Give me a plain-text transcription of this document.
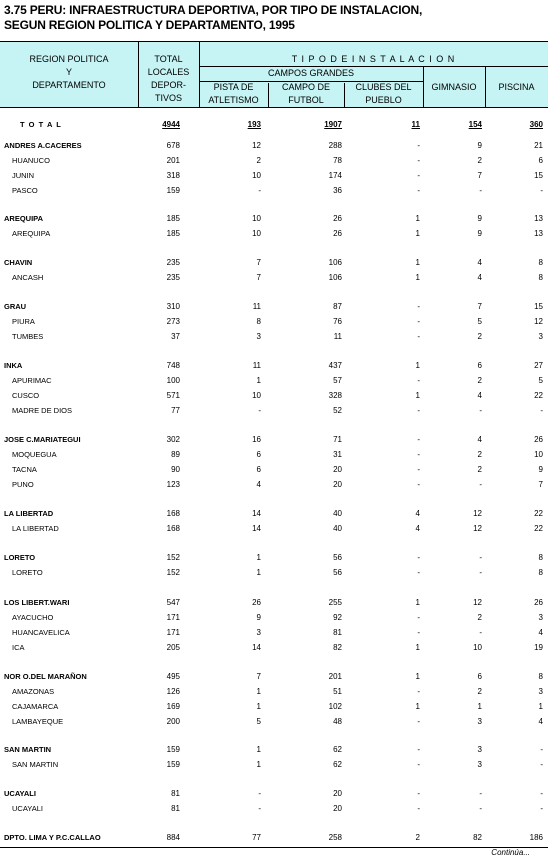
3.75 PERU: INFRAESTRUCTURA DEPORTIVA, POR TIPO DE INSTALACION,
SEGUN REGION POLITICA Y DEPARTAMENTO, 1995
REGION POLITICA
Y
DEPARTAMENTO
TOTAL
LOCALES
DEPOR-
TIVOS
T I P O D E I N S T A L A C I O N
CAMPOS GRANDES
PISTA DE
ATLETISMO
CAMPO DE
FUTBOL
CLUBES DEL
PUEBLO
GIMNASIO	PISCINA
T O T A L	4944	193	1907	11	154	360
ANDRES A.CACERES	678	12	288	-	9	21
HUANUCO	201	2	78	-	2	6
JUNIN	318	10	174	-	7	15
PASCO	159	-	36	-	-	-
AREQUIPA	185	10	26	1	9	13
AREQUIPA	185	10	26	1	9	13
CHAVIN	235	7	106	1	4	8
ANCASH	235	7	106	1	4	8
GRAU	310	11	87	-	7	15
PIURA	273	8	76	-	5	12
TUMBES	37	3	11	-	2	3
INKA	748	11	437	1	6	27
APURIMAC	100	1	57	-	2	5
CUSCO	571	10	328	1	4	22
MADRE DE DIOS	77	-	52	-	-	-
JOSE C.MARIATEGUI	302	16	71	-	4	26
MOQUEGUA	89	6	31	-	2	10
TACNA	90	6	20	-	2	9
PUNO	123	4	20	-	-	7
LA LIBERTAD	168	14	40	4	12	22
LA LIBERTAD	168	14	40	4	12	22
LORETO	152	1	56	-	-	8
LORETO	152	1	56	-	-	8
LOS LIBERT.WARI	547	26	255	1	12	26
AYACUCHO	171	9	92	-	2	3
HUANCAVELICA	171	3	81	-	-	4
ICA	205	14	82	1	10	19
NOR O.DEL MARAÑON	495	7	201	1	6	8
AMAZONAS	126	1	51	-	2	3
CAJAMARCA	169	1	102	1	1	1
LAMBAYEQUE	200	5	48	-	3	4
SAN MARTIN	159	1	62	-	3	-
SAN MARTIN	159	1	62	-	3	-
UCAYALI	81	-	20	-	-	-
UCAYALI	81	-	20	-	-	-
DPTO. LIMA Y P.C.CALLAO	884	77	258	2	82	186
Continúa...
